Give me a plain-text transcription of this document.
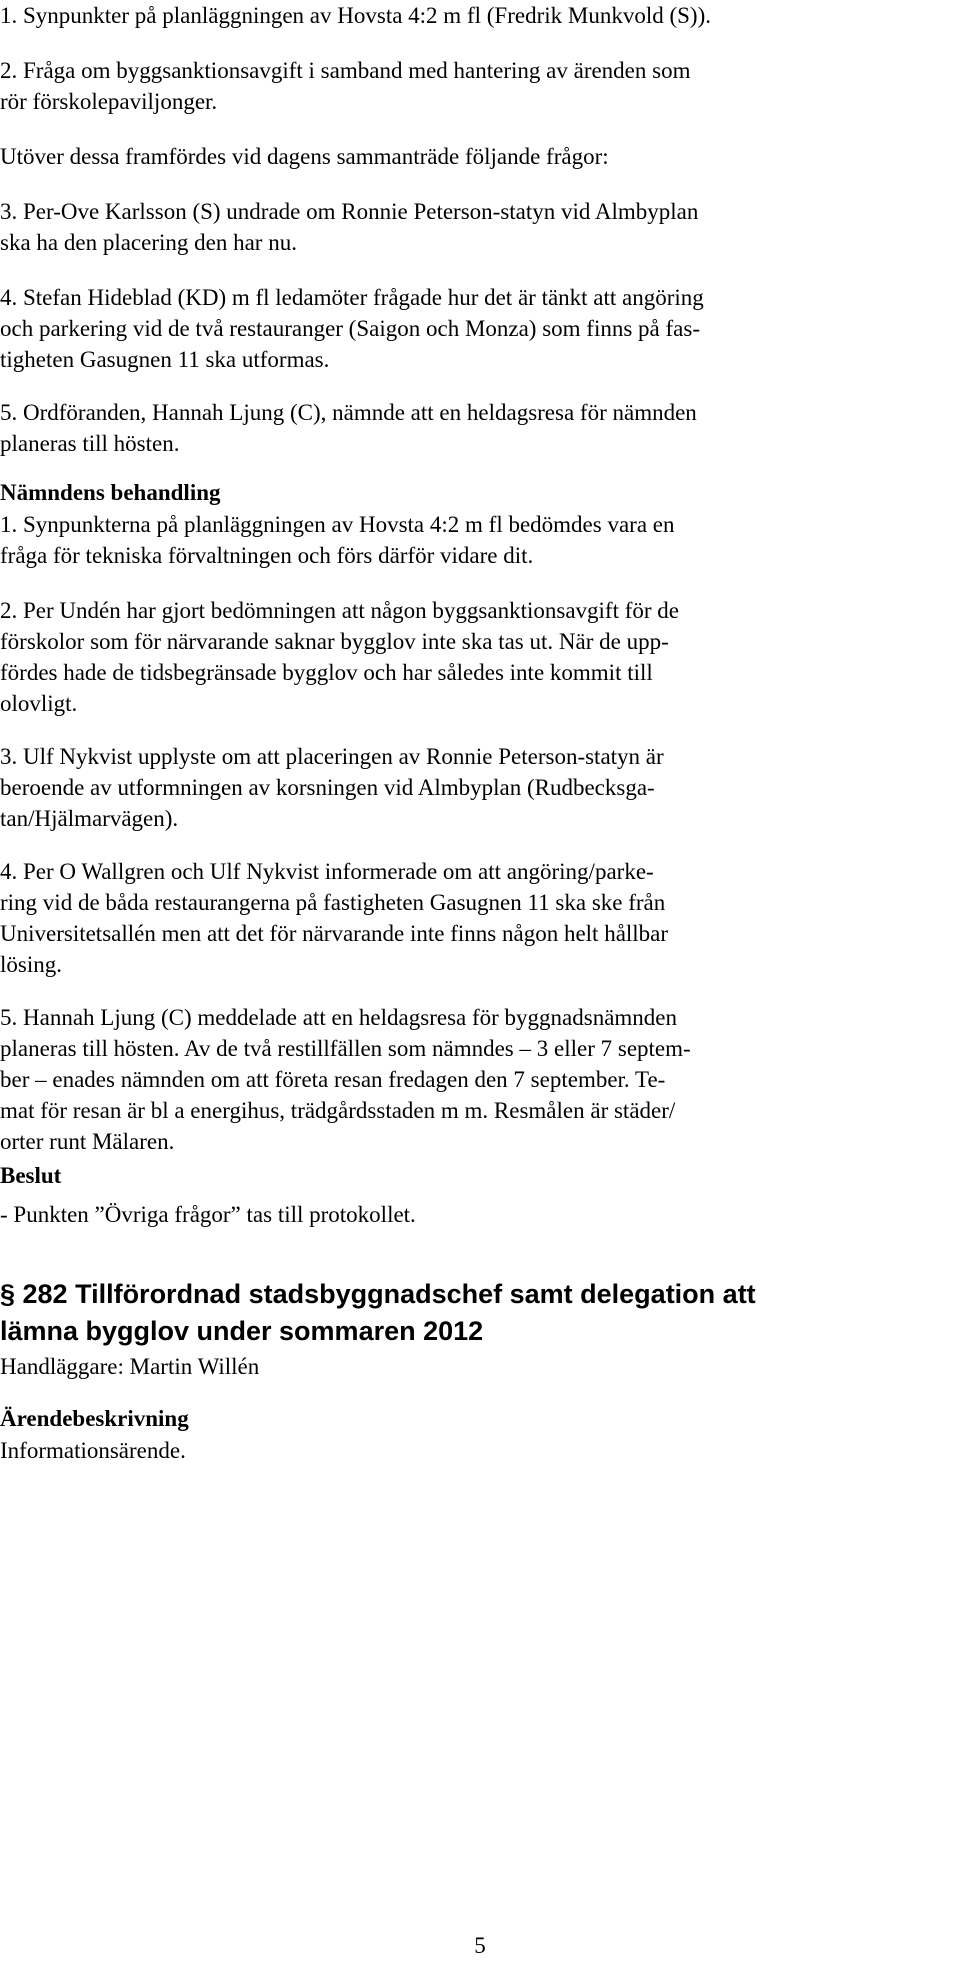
1. Synpunkter på planläggningen av Hovsta 4:2 m fl (Fredrik Munkvold (S)).
2. Fråga om byggsanktionsavgift i samband med hantering av ärenden som
rör förskolepaviljonger.
Utöver dessa framfördes vid dagens sammanträde följande frågor:
3. Per-Ove Karlsson (S) undrade om Ronnie Peterson-statyn vid Almbyplan
ska ha den placering den har nu.
4. Stefan Hideblad (KD) m fl ledamöter frågade hur det är tänkt att angöring
och parkering vid de två restauranger (Saigon och Monza) som finns på fas-
tigheten Gasugnen 11 ska utformas.
5. Ordföranden, Hannah Ljung (C), nämnde att en heldagsresa för nämnden
planeras till hösten.
Nämndens behandling
1. Synpunkterna på planläggningen av Hovsta 4:2 m fl bedömdes vara en
fråga för tekniska förvaltningen och förs därför vidare dit.
2. Per Undén har gjort bedömningen att någon byggsanktionsavgift för de
förskolor som för närvarande saknar bygglov inte ska tas ut. När de upp-
fördes hade de tidsbegränsade bygglov och har således inte kommit till
olovligt.
3. Ulf Nykvist upplyste om att placeringen av Ronnie Peterson-statyn är
beroende av utformningen av korsningen vid Almbyplan (Rudbecksga-
tan/Hjälmarvägen).
4. Per O Wallgren och Ulf Nykvist informerade om att angöring/parke-
ring vid de båda restaurangerna på fastigheten Gasugnen 11 ska ske från
Universitetsallén men att det för närvarande inte finns någon helt hållbar
lösing.
5. Hannah Ljung (C) meddelade att en heldagsresa för byggnadsnämnden
planeras till hösten. Av de två restillfällen som nämndes – 3 eller 7 septem-
ber – enades nämnden om att företa resan fredagen den 7 september. Te-
mat för resan är bl a energihus, trädgårdsstaden m m. Resmålen är städer/
orter runt Mälaren.
Beslut
- Punkten ”Övriga frågor” tas till protokollet.
§ 282 Tillförordnad stadsbyggnadschef samt delegation att
lämna bygglov under sommaren 2012
Handläggare: Martin Willén
Ärendebeskrivning
Informationsärende.
5
